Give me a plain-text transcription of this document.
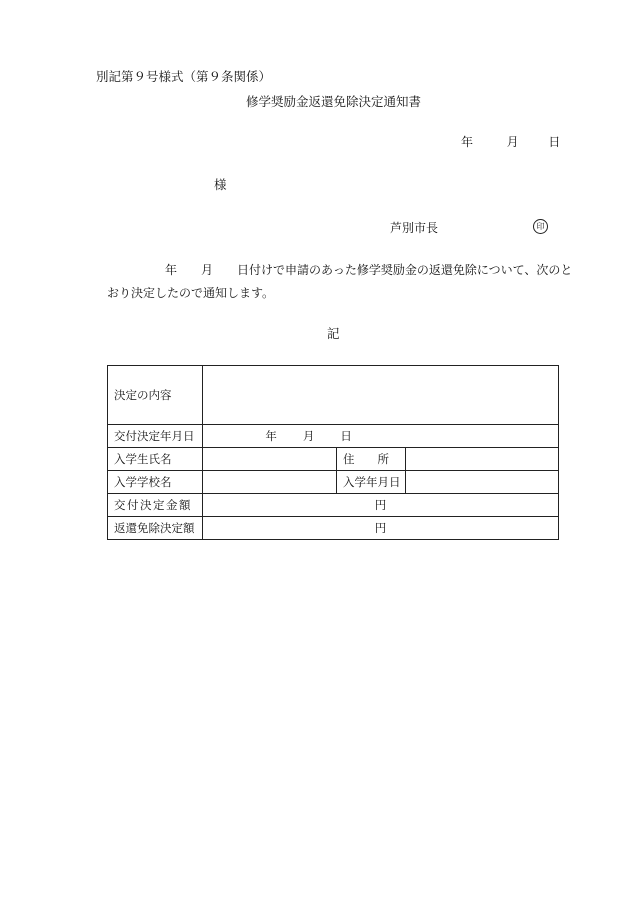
別記第９号様式（第９条関係）
修学奨励金返還免除決定通知書
年	月 日
様
芦別市長	印
年 月 日付けで申請のあった修学奨励金の返還免除について、次のと
おり決定したので通知します。
記
決定の内容			
交付決定年月日	年 月 日		
入学生氏名		住　　所	
入学学校名		入学年月日	
交付決定金額	円		
返還免除決定額	円		
